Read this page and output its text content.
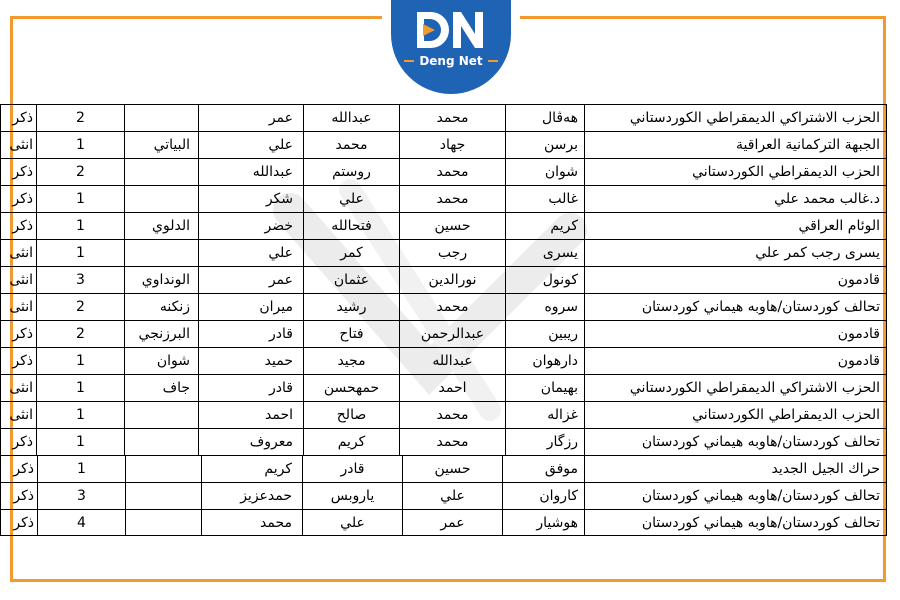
Deng Net
الحزب الاشتراكي الديمقراطي الكوردستاني
هەڤال
محمد
عبدالله
عمر
2
ذكر
الجبهة التركمانية العراقية
برسن
جهاد
محمد
علي
البياتي
1
انثى
الحزب الديمقراطي الكوردستاني
شوان
محمد
روستم
عبدالله
2
ذكر
د.غالب محمد علي
غالب
محمد
علي
شكر
1
ذكر
الوئام العراقي
كريم
حسين
فتحالله
خضر
الدلوي
1
ذكر
يسرى رجب كمر علي
يسرى
رجب
كمر
علي
1
انثى
قادمون
كونول
نورالدين
عثمان
عمر
الونداوي
3
انثى
تحالف كوردستان/هاوبه هيماني كوردستان
سروه
محمد
رشيد
ميران
زنكنه
2
انثى
قادمون
ريبين
عبدالرحمن
فتاح
قادر
البرزنجي
2
ذكر
قادمون
دارهوان
عبدالله
مجيد
حميد
شوان
1
ذكر
الحزب الاشتراكي الديمقراطي الكوردستاني
بهيمان
احمد
حمهحسن
قادر
جاف
1
انثى
الحزب الديمقراطي الكوردستاني
غزاله
محمد
صالح
احمد
1
انثى
تحالف كوردستان/هاوبه هيماني كوردستان
رزگار
محمد
كريم
معروف
1
ذكر
حراك الجيل الجديد
موفق
حسين
قادر
كريم
1
ذكر
تحالف كوردستان/هاوبه هيماني كوردستان
كاروان
علي
ياروبس
حمدعزيز
3
ذكر
تحالف كوردستان/هاوبه هيماني كوردستان
هوشيار
عمر
علي
محمد
4
ذكر
